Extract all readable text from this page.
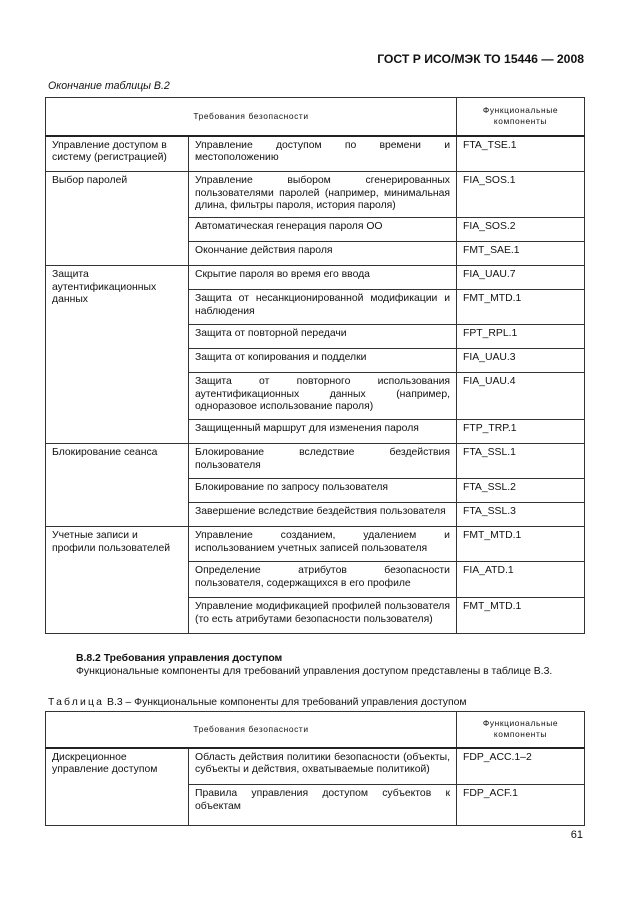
ГОСТ Р ИСО/МЭК ТО 15446 — 2008
Окончание таблицы В.2
Требования безопасности		Функциональные компоненты
Управление доступом в систему (регистрацией)	Управление доступом по времени и местоположению	FTA_TSE.1
Выбор паролей	Управление выбором сгенерированных пользователями паролей (например, минимальная длина, фильтры пароля, история пароля)	FIA_SOS.1
	Автоматическая генерация пароля ОО	FIA_SOS.2
	Окончание действия пароля	FMT_SAE.1
Защита аутентификационных данных	Скрытие пароля во время его ввода	FIA_UAU.7
	Защита от несанкционированной модификации и наблюдения	FMT_MTD.1
	Защита от повторной передачи	FPT_RPL.1
	Защита от копирования и подделки	FIA_UAU.3
	Защита от повторного использования аутентификационных данных (например, одноразовое использование пароля)	FIA_UAU.4
	Защищенный маршрут для изменения пароля	FTP_TRP.1
Блокирование сеанса	Блокирование вследствие бездействия пользователя	FTA_SSL.1
	Блокирование по запросу пользователя	FTA_SSL.2
	Завершение вследствие бездействия пользователя	FTA_SSL.3
Учетные записи и профили пользователей	Управление созданием, удалением и использованием учетных записей пользователя	FMT_MTD.1
	Определение атрибутов безопасности пользователя, содержащихся в его профиле	FIA_ATD.1
	Управление модификацией профилей пользователя (то есть атрибутами безопасности пользователя)	FMT_MTD.1
В.8.2 Требования управления доступом
Функциональные компоненты для требований управления доступом представлены в таблице В.3.
Таблица В.3 – Функциональные компоненты для требований управления доступом
Требования безопасности		Функциональные компоненты
Дискреционное управление доступом	Область действия политики безопасности (объекты, субъекты и действия, охватываемые политикой)	FDP_ACC.1–2
	Правила управления доступом субъектов к объектам	FDP_ACF.1
61
